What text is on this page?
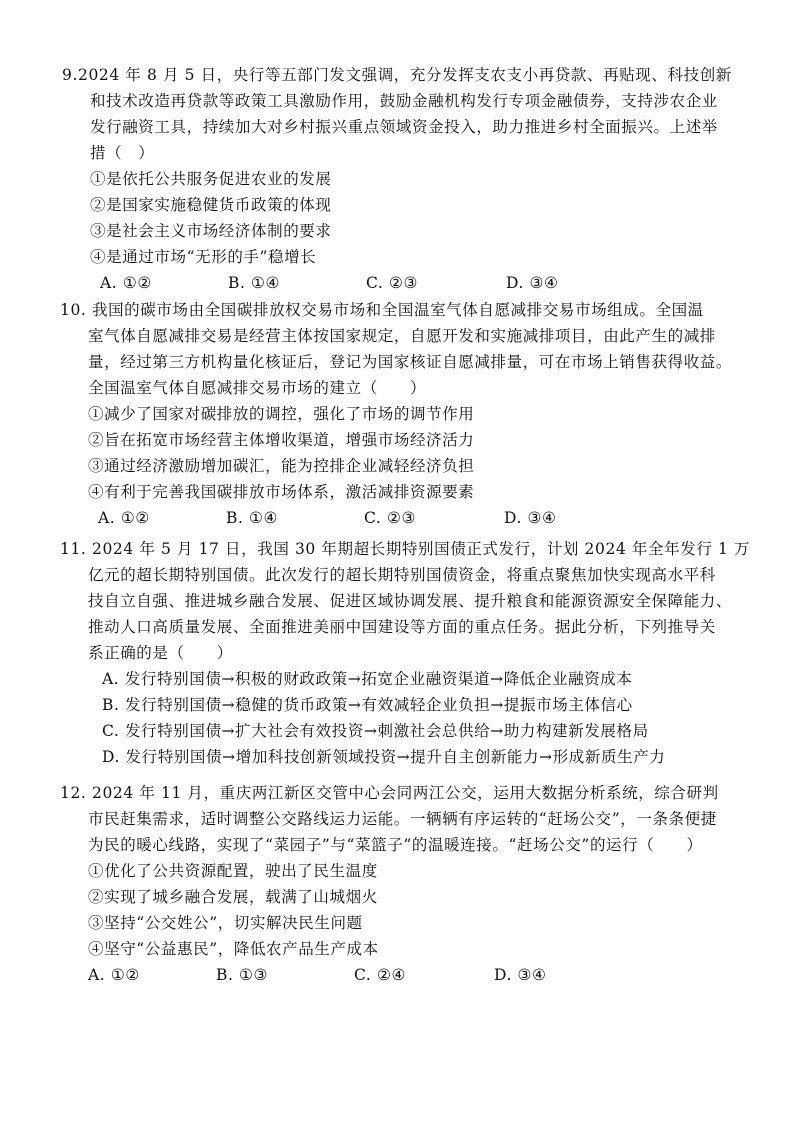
9.2024 年 8 月 5 日，央行等五部门发文强调，充分发挥支农支小再贷款、再贴现、科技创新
和技术改造再贷款等政策工具激励作用，鼓励金融机构发行专项金融债券，支持涉农企业
发行融资工具，持续加大对乡村振兴重点领域资金投入，助力推进乡村全面振兴。上述举
措（　）
①是依托公共服务促进农业的发展
②是国家实施稳健货币政策的体现
③是社会主义市场经济体制的要求
④是通过市场“无形的手”稳增长
A. ①②	B. ①④	C. ②③	D. ③④
10. 我国的碳市场由全国碳排放权交易市场和全国温室气体自愿减排交易市场组成。全国温
室气体自愿减排交易是经营主体按国家规定，自愿开发和实施减排项目，由此产生的减排
量，经过第三方机构量化核证后，登记为国家核证自愿减排量，可在市场上销售获得收益。
全国温室气体自愿减排交易市场的建立（　　）
①减少了国家对碳排放的调控，强化了市场的调节作用
②旨在拓宽市场经营主体增收渠道，增强市场经济活力
③通过经济激励增加碳汇，能为控排企业减轻经济负担
④有利于完善我国碳排放市场体系，激活减排资源要素
A. ①②	B. ①④	C. ②③	D. ③④
11. 2024 年 5 月 17 日，我国 30 年期超长期特别国债正式发行，计划 2024 年全年发行 1 万
亿元的超长期特别国债。此次发行的超长期特别国债资金，将重点聚焦加快实现高水平科
技自立自强、推进城乡融合发展、促进区域协调发展、提升粮食和能源资源安全保障能力、
推动人口高质量发展、全面推进美丽中国建设等方面的重点任务。据此分析，下列推导关
系正确的是（　　）
A. 发行特别国债→积极的财政政策→拓宽企业融资渠道→降低企业融资成本
B. 发行特别国债→稳健的货币政策→有效减轻企业负担→提振市场主体信心
C. 发行特别国债→扩大社会有效投资→刺激社会总供给→助力构建新发展格局
D. 发行特别国债→增加科技创新领域投资→提升自主创新能力→形成新质生产力
12. 2024 年 11 月，重庆两江新区交管中心会同两江公交，运用大数据分析系统，综合研判
市民赶集需求，适时调整公交路线运力运能。一辆辆有序运转的“赶场公交”，一条条便捷
为民的暖心线路，实现了“菜园子”与“菜篮子”的温暖连接。“赶场公交”的运行（　　）
①优化了公共资源配置，驶出了民生温度
②实现了城乡融合发展，载满了山城烟火
③坚持“公交姓公”，切实解决民生问题
④坚守“公益惠民”，降低农产品生产成本
A. ①②	B. ①③	C. ②④	D. ③④
